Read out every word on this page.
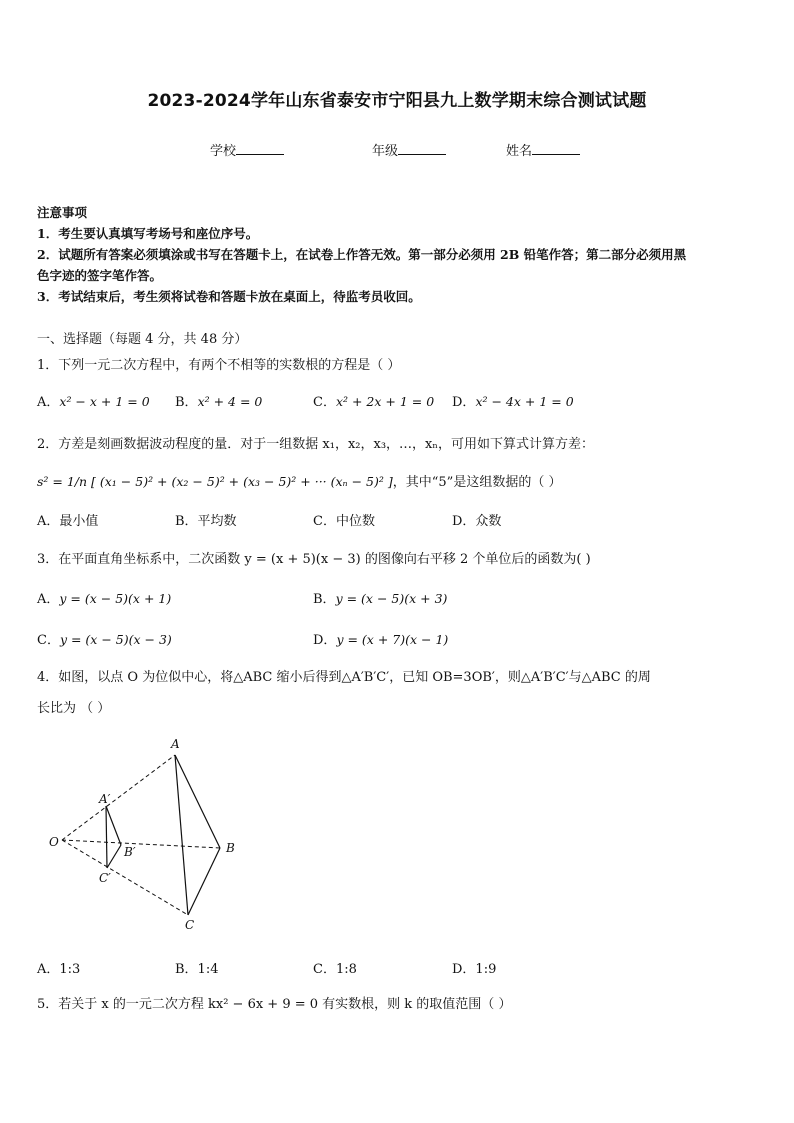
2023-2024学年山东省泰安市宁阳县九上数学期末综合测试试题
学校	年级	姓名
注意事项
1．考生要认真填写考场号和座位序号。
2．试题所有答案必须填涂或书写在答题卡上，在试卷上作答无效。第一部分必须用 2B 铅笔作答；第二部分必须用黑
色字迹的签字笔作答。
3．考试结束后，考生须将试卷和答题卡放在桌面上，待监考员收回。
一、选择题（每题 4 分，共 48 分）
1．下列一元二次方程中，有两个不相等的实数根的方程是（ ）
A．x² − x + 1 = 0 B．x² + 4 = 0	C．x² + 2x + 1 = 0 D．x² − 4x + 1 = 0
2．方差是刻画数据波动程度的量．对于一组数据 x₁，x₂，x₃，…，xₙ，可用如下算式计算方差：
s² = 1/n [ (x₁ − 5)² + (x₂ − 5)² + (x₃ − 5)² + ··· (xₙ − 5)² ]，其中“5”是这组数据的（ ）
A．最小值	B．平均数	C．中位数	D．众数
3．在平面直角坐标系中，二次函数 y = (x + 5)(x − 3) 的图像向右平移 2 个单位后的函数为( )
A．y = (x − 5)(x + 1)	B．y = (x − 5)(x + 3)
C．y = (x − 5)(x − 3)	D．y = (x + 7)(x − 1)
4．如图，以点 O 为位似中心，将△ABC 缩小后得到△A′B′C′，已知 OB=3OB′，则△A′B′C′与△ABC 的周
长比为 （ ）
A
B
C
O
A′
B′
C′
A．1:3	B．1:4	C．1:8	D．1:9
5．若关于 x 的一元二次方程 kx² − 6x + 9 = 0 有实数根，则 k 的取值范围（ ）
